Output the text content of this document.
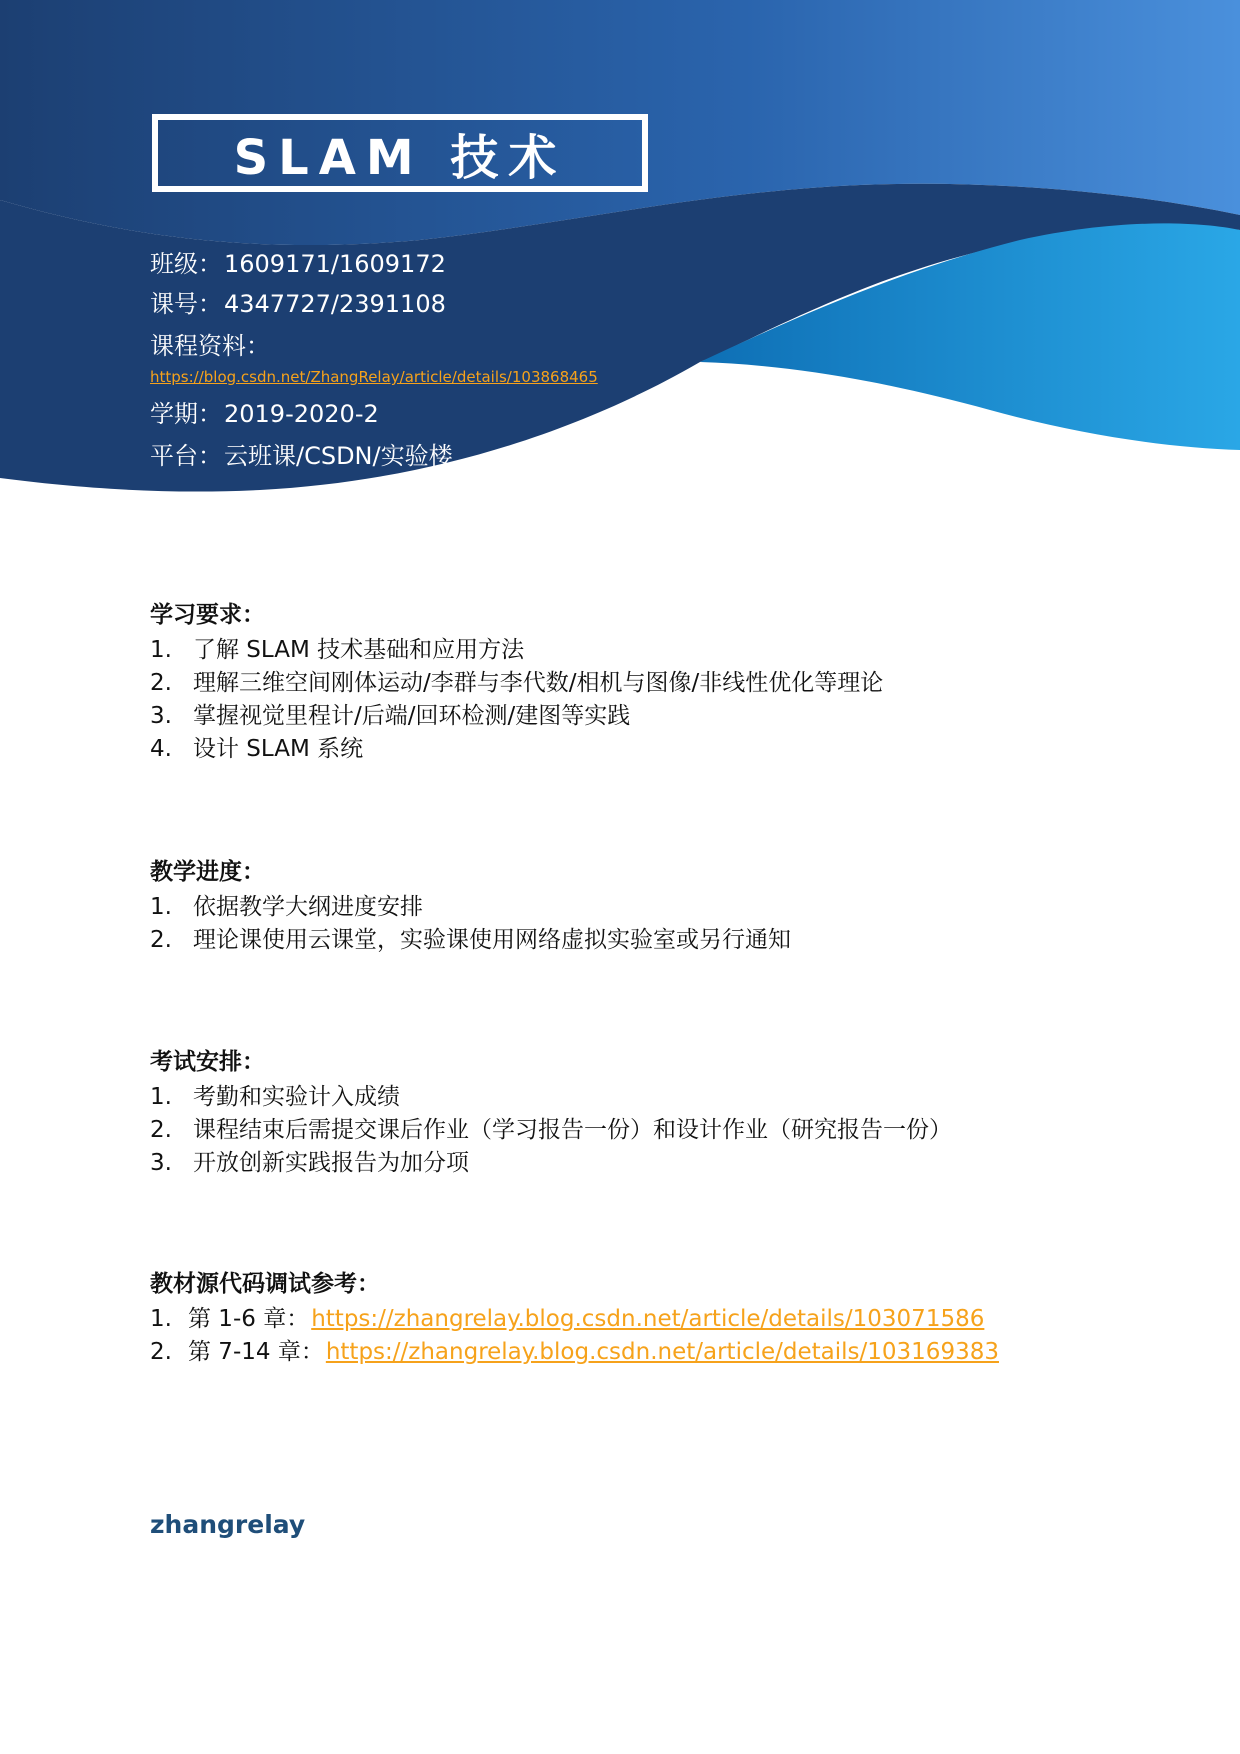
SLAM 技术
班级：1609171/1609172
课号：4347727/2391108
课程资料：
https://blog.csdn.net/ZhangRelay/article/details/103868465
学期：2019-2020-2
平台：云班课/CSDN/实验楼
学习要求：
1. 了解 SLAM 技术基础和应用方法
2. 理解三维空间刚体运动/李群与李代数/相机与图像/非线性优化等理论
3. 掌握视觉里程计/后端/回环检测/建图等实践
4. 设计 SLAM 系统
教学进度：
1. 依据教学大纲进度安排
2. 理论课使用云课堂，实验课使用网络虚拟实验室或另行通知
考试安排：
1. 考勤和实验计入成绩
2. 课程结束后需提交课后作业（学习报告一份）和设计作业（研究报告一份）
3. 开放创新实践报告为加分项
教材源代码调试参考：
1. 第 1-6 章： https://zhangrelay.blog.csdn.net/article/details/103071586
2. 第 7-14 章： https://zhangrelay.blog.csdn.net/article/details/103169383
zhangrelay
